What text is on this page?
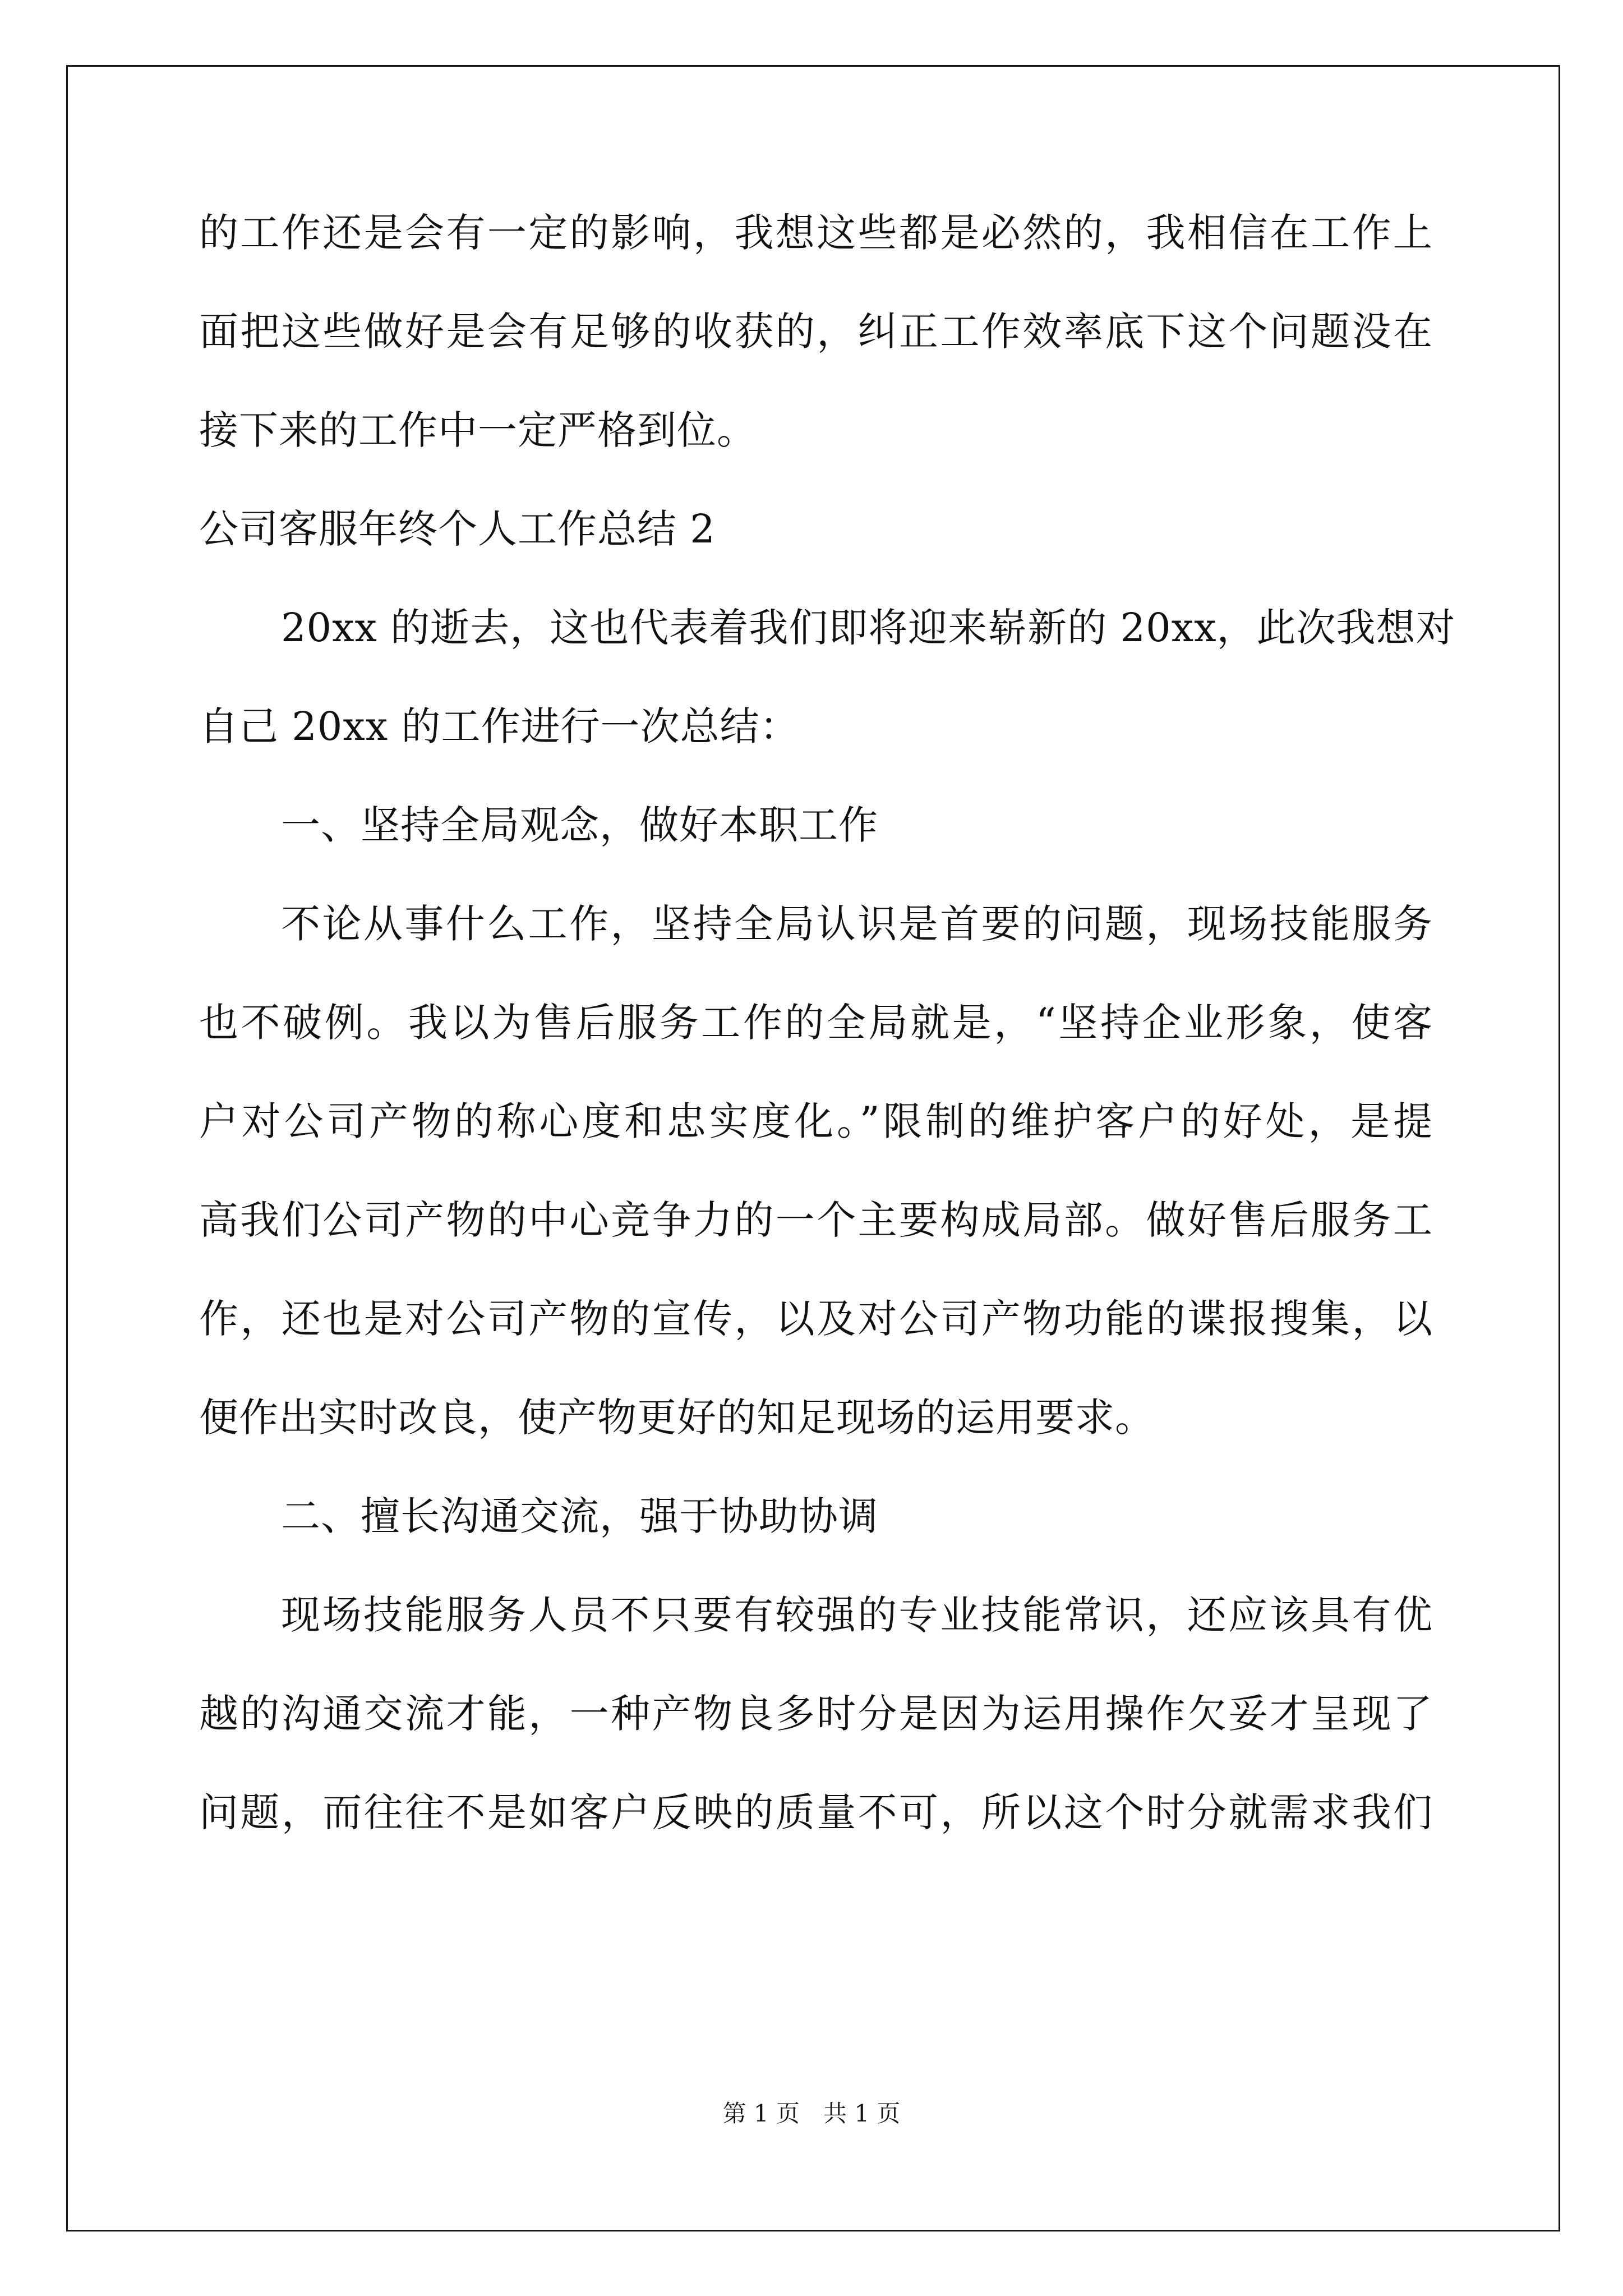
的工作还是会有一定的影响，我想这些都是必然的，我相信在工作上
面把这些做好是会有足够的收获的，纠正工作效率底下这个问题没在
接下来的工作中一定严格到位。
公司客服年终个人工作总结 2
20xx 的逝去，这也代表着我们即将迎来崭新的 20xx，此次我想对
自己 20xx 的工作进行一次总结：
一、坚持全局观念，做好本职工作
不论从事什么工作，坚持全局认识是首要的问题，现场技能服务
也不破例。我以为售后服务工作的全局就是，“坚持企业形象，使客
户对公司产物的称心度和忠实度化。”限制的维护客户的好处，是提
高我们公司产物的中心竞争力的一个主要构成局部。做好售后服务工
作，还也是对公司产物的宣传，以及对公司产物功能的谍报搜集，以
便作出实时改良，使产物更好的知足现场的运用要求。
二、擅长沟通交流，强于协助协调
现场技能服务人员不只要有较强的专业技能常识，还应该具有优
越的沟通交流才能，一种产物良多时分是因为运用操作欠妥才呈现了
问题，而往往不是如客户反映的质量不可，所以这个时分就需求我们
第 1 页　共 1 页
